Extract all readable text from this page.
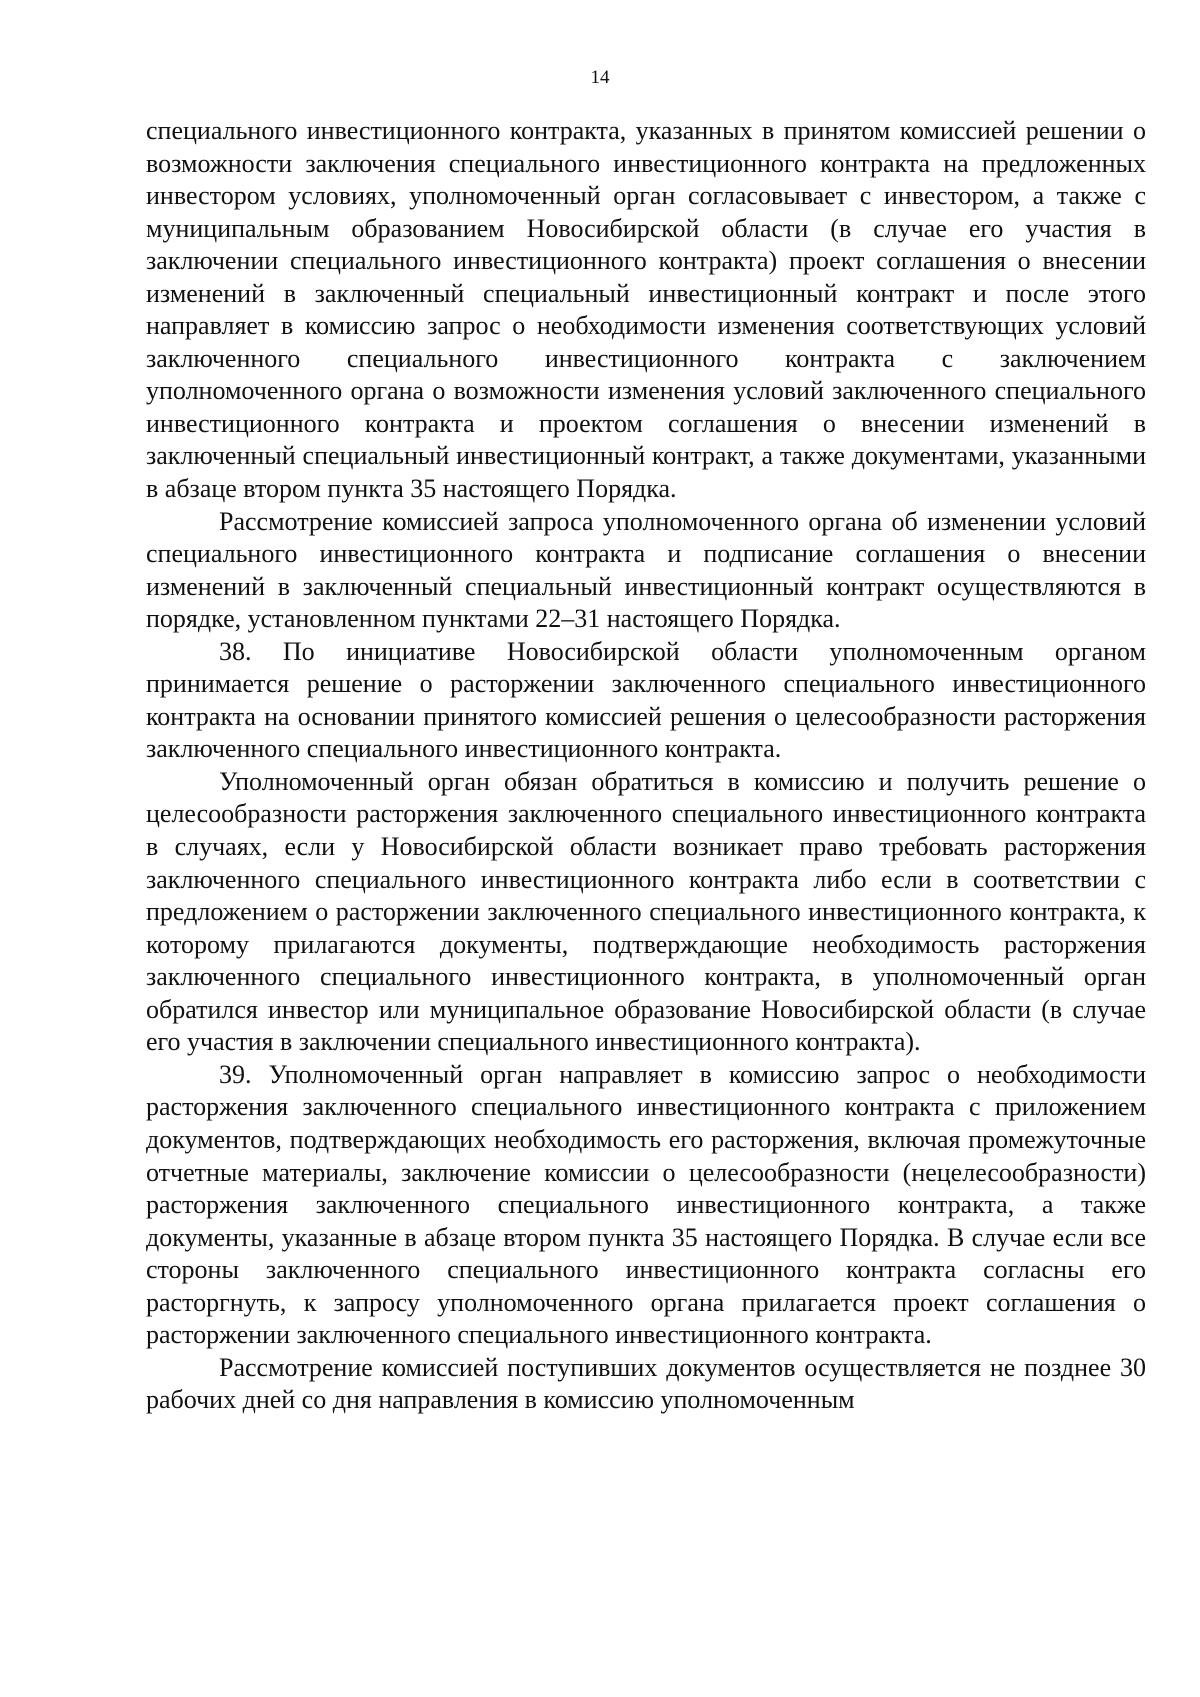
14

специального инвестиционного контракта, указанных в принятом комиссией решении о возможности заключения специального инвестиционного контракта на предложенных инвестором условиях, уполномоченный орган согласовывает с инвестором, а также с муниципальным образованием Новосибирской области (в случае его участия в заключении специального инвестиционного контракта) проект соглашения о внесении изменений в заключенный специальный инвестиционный контракт и после этого направляет в комиссию запрос о необходимости изменения соответствующих условий заключенного специального инвестиционного контракта с заключением уполномоченного органа о возможности изменения условий заключенного специального инвестиционного контракта и проектом соглашения о внесении изменений в заключенный специальный инвестиционный контракт, а также документами, указанными в абзаце втором пункта 35 настоящего Порядка.

Рассмотрение комиссией запроса уполномоченного органа об изменении условий специального инвестиционного контракта и подписание соглашения о внесении изменений в заключенный специальный инвестиционный контракт осуществляются в порядке, установленном пунктами 22–31 настоящего Порядка.

38. По инициативе Новосибирской области уполномоченным органом принимается решение о расторжении заключенного специального инвестиционного контракта на основании принятого комиссией решения о целесообразности расторжения заключенного специального инвестиционного контракта.

Уполномоченный орган обязан обратиться в комиссию и получить решение о целесообразности расторжения заключенного специального инвестиционного контракта в случаях, если у Новосибирской области возникает право требовать расторжения заключенного специального инвестиционного контракта либо если в соответствии с предложением о расторжении заключенного специального инвестиционного контракта, к которому прилагаются документы, подтверждающие необходимость расторжения заключенного специального инвестиционного контракта, в уполномоченный орган обратился инвестор или муниципальное образование Новосибирской области (в случае его участия в заключении специального инвестиционного контракта).

39. Уполномоченный орган направляет в комиссию запрос о необходимости расторжения заключенного специального инвестиционного контракта с приложением документов, подтверждающих необходимость его расторжения, включая промежуточные отчетные материалы, заключение комиссии о целесообразности (нецелесообразности) расторжения заключенного специального инвестиционного контракта, а также документы, указанные в абзаце втором пункта 35 настоящего Порядка. В случае если все стороны заключенного специального инвестиционного контракта согласны его расторгнуть, к запросу уполномоченного органа прилагается проект соглашения о расторжении заключенного специального инвестиционного контракта.

Рассмотрение комиссией поступивших документов осуществляется не позднее 30 рабочих дней со дня направления в комиссию уполномоченным
